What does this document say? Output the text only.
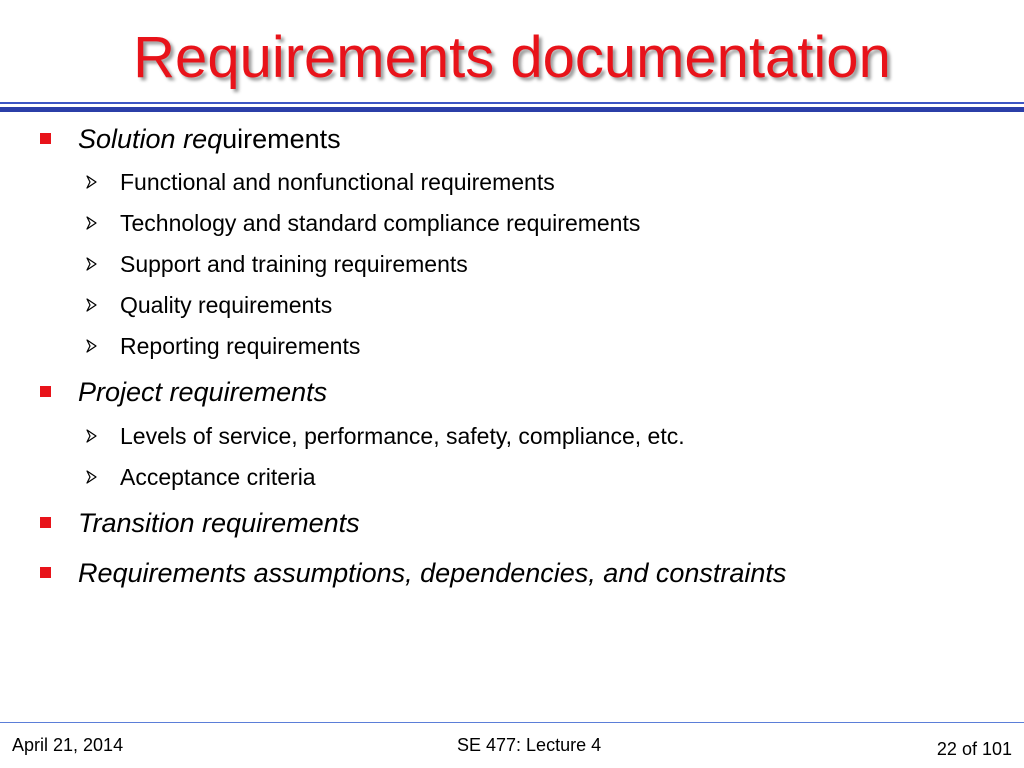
Requirements documentation
Solution requirements
Functional and nonfunctional requirements
Technology and standard compliance requirements
Support and training requirements
Quality requirements
Reporting requirements
Project requirements
Levels of service, performance, safety, compliance, etc.
Acceptance criteria
Transition requirements
Requirements assumptions, dependencies, and constraints
April 21, 2014	SE 477: Lecture 4	22 of 101
